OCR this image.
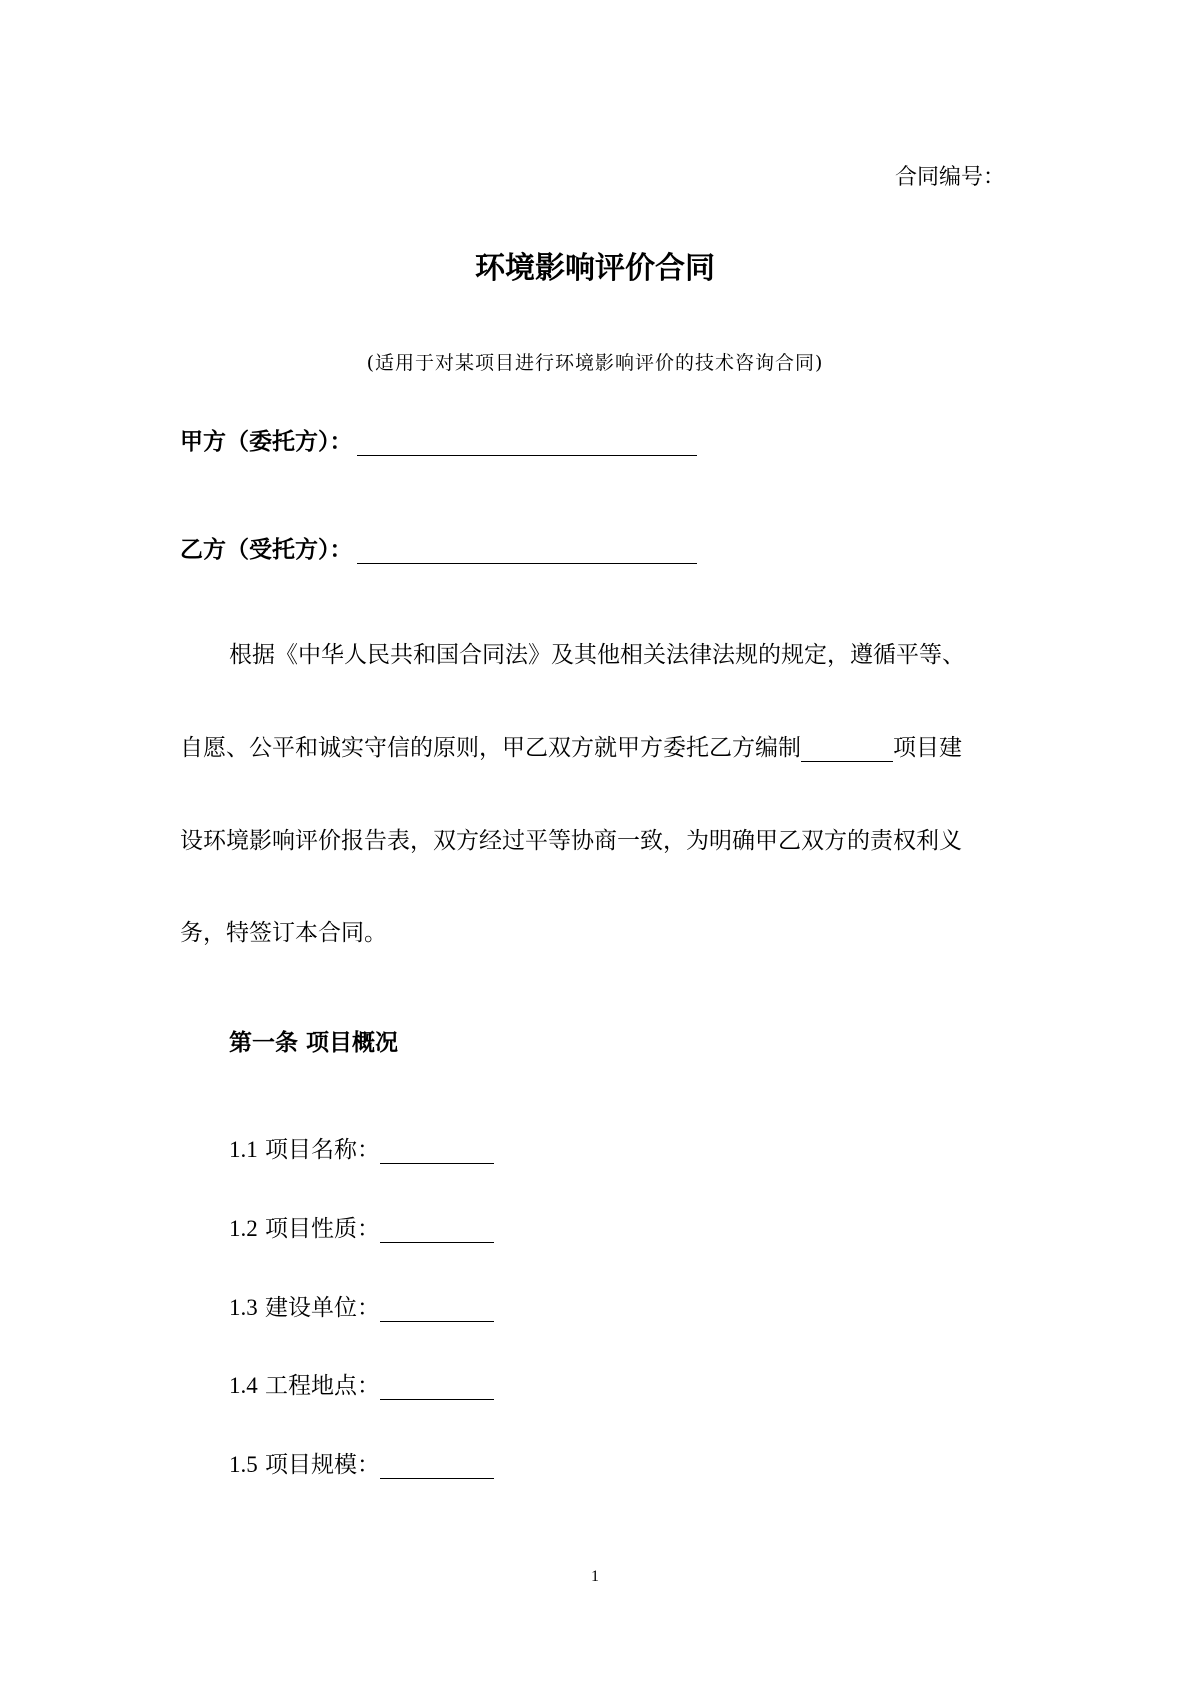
合同编号：
环境影响评价合同
(适用于对某项目进行环境影响评价的技术咨询合同)
甲方（委托方）：
乙方（受托方）：
根据《中华人民共和国合同法》及其他相关法律法规的规定，遵循平等、
自愿、公平和诚实守信的原则，甲乙双方就甲方委托乙方编制	项目建
设环境影响评价报告表，双方经过平等协商一致，为明确甲乙双方的责权利义
务，特签订本合同。
第一条 项目概况
1.1 项目名称：
1.2 项目性质：
1.3 建设单位：
1.4 工程地点：
1.5 项目规模：
1
